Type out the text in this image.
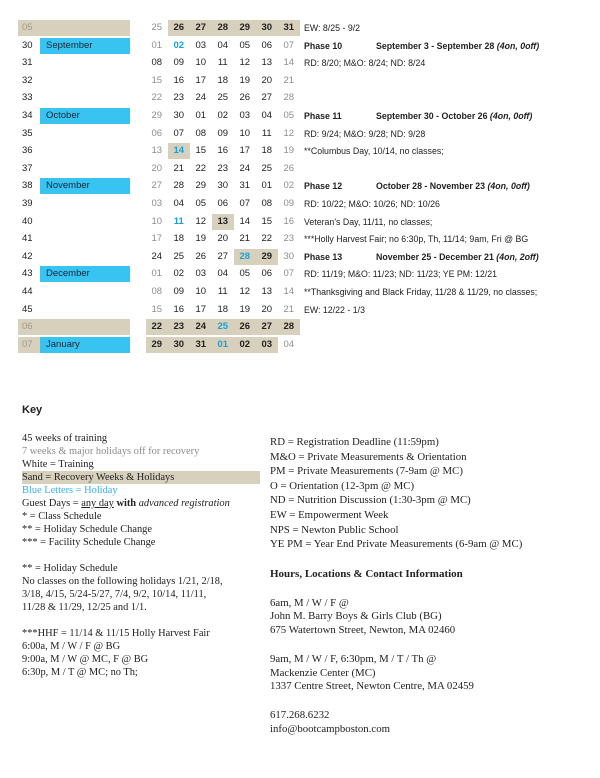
05	25	26	27	28	29	30	31	EW: 8/25 - 9/2
30	September	01	02	03	04	05	06	07	Phase 10	September 3 - September 28 (4on, 0off)
31	08	09	10	11	12	13	14	RD: 8/20; M&O: 8/24; ND: 8/24
32	15	16	17	18	19	20	21
33	22	23	24	25	26	27	28
34	October	29	30	01	02	03	04	05	Phase 11	September 30 - October 26 (4on, 0off)
35	06	07	08	09	10	11	12	RD: 9/24; M&O: 9/28; ND: 9/28
36	13	14	15	16	17	18	19	**Columbus Day, 10/14, no classes;
37	20	21	22	23	24	25	26
38	November	27	28	29	30	31	01	02	Phase 12	October 28 - November 23 (4on, 0off)
39	03	04	05	06	07	08	09	RD: 10/22; M&O: 10/26; ND: 10/26
40	10	11	12	13	14	15	16	Veteran's Day, 11/11, no classes;
41	17	18	19	20	21	22	23	***Holly Harvest Fair; no 6:30p, Th, 11/14; 9am, Fri @ BG
42	24	25	26	27	28	29	30	Phase 13	November 25 - December 21 (4on, 2off)
43	December	01	02	03	04	05	06	07	RD: 11/19; M&O: 11/23; ND: 11/23; YE PM: 12/21
44	08	09	10	11	12	13	14	**Thanksgiving and Black Friday, 11/28 & 11/29, no classes;
45	15	16	17	18	19	20	21	EW: 12/22 - 1/3
06	22	23	24	25	26	27	28
07	January	29	30	31	01	02	03	04
Key
45 weeks of training
7 weeks & major holidays off for recovery
White = Training
Sand = Recovery Weeks & Holidays
Blue Letters = Holiday
Guest Days = any day with advanced registration
* = Class Schedule
** = Holiday Schedule Change
*** = Facility Schedule Change
** = Holiday Schedule
No classes on the following holidays 1/21, 2/18,
3/18, 4/15, 5/24-5/27, 7/4, 9/2, 10/14, 11/11,
11/28 & 11/29, 12/25 and 1/1.
***HHF = 11/14 & 11/15 Holly Harvest Fair
6:00a, M / W / F @ BG
9:00a, M / W @ MC, F @ BG
6:30p, M / T @ MC; no Th;
RD = Registration Deadline (11:59pm)
M&O = Private Measurements & Orientation
PM = Private Measurements (7-9am @ MC)
O = Orientation (12-3pm @ MC)
ND = Nutrition Discussion (1:30-3pm @ MC)
EW = Empowerment Week
NPS = Newton Public School
YE PM = Year End Private Measurements (6-9am @ MC)
Hours, Locations & Contact Information
6am, M / W / F @
John M. Barry Boys & Girls Club (BG)
675 Watertown Street, Newton, MA 02460
9am, M / W / F, 6:30pm, M / T / Th @
Mackenzie Center (MC)
1337 Centre Street, Newton Centre, MA 02459
617.268.6232
info@bootcampboston.com
